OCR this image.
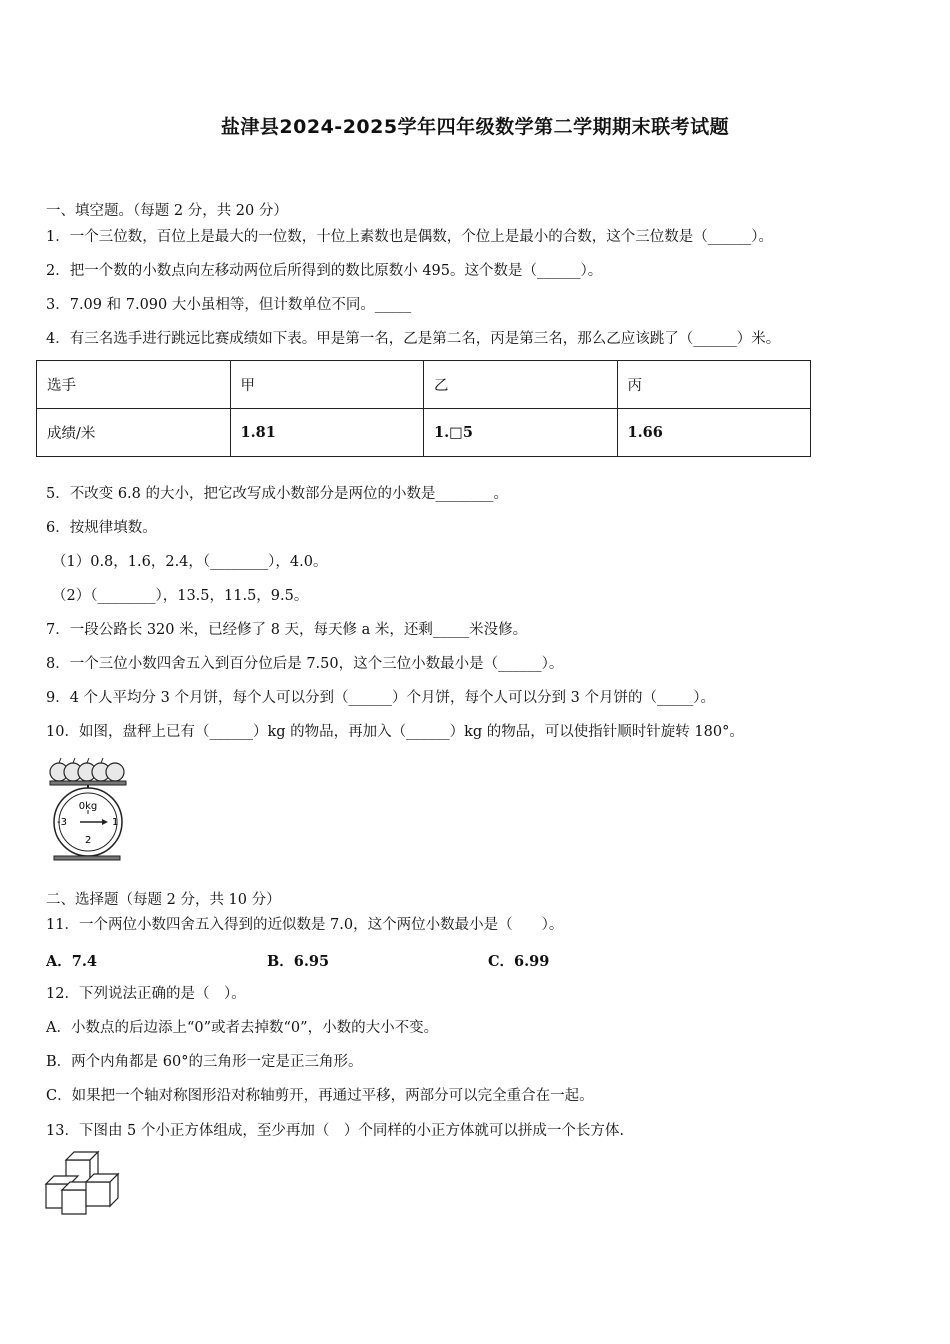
盐津县2024-2025学年四年级数学第二学期期末联考试题
一、填空题。（每题 2 分，共 20 分）
1．一个三位数，百位上是最大的一位数，十位上素数也是偶数，个位上是最小的合数，这个三位数是（______）。
2．把一个数的小数点向左移动两位后所得到的数比原数小 495。这个数是（______）。
3．7.09 和 7.090 大小虽相等，但计数单位不同。_____
4．有三名选手进行跳远比赛成绩如下表。甲是第一名，乙是第二名，丙是第三名，那么乙应该跳了（______）米。
选手	甲	乙	丙
成绩/米	1.81	1.□5	1.66
5．不改变 6.8 的大小，把它改写成小数部分是两位的小数是________。
6．按规律填数。
（1）0.8，1.6，2.4，（________），4.0。
（2）（________），13.5，11.5，9.5。
7．一段公路长 320 米，已经修了 8 天，每天修 a 米，还剩_____米没修。
8．一个三位小数四舍五入到百分位后是 7.50，这个三位小数最小是（______）。
9．4 个人平均分 3 个月饼，每个人可以分到（______）个月饼，每个人可以分到 3 个月饼的（_____）。
10．如图，盘秤上已有（______）kg 的物品，再加入（______）kg 的物品，可以使指针顺时针旋转 180°。
0kg
-3	1
2
二、选择题（每题 2 分，共 10 分）
11．一个两位小数四舍五入得到的近似数是 7.0，这个两位小数最小是（　　）。
A．7.4	B．6.95	C．6.99
12．下列说法正确的是（　）。
A．小数点的后边添上“0”或者去掉数“0”，小数的大小不变。
B．两个内角都是 60°的三角形一定是正三角形。
C．如果把一个轴对称图形沿对称轴剪开，再通过平移，两部分可以完全重合在一起。
13．下图由 5 个小正方体组成，至少再加（　）个同样的小正方体就可以拼成一个长方体.
